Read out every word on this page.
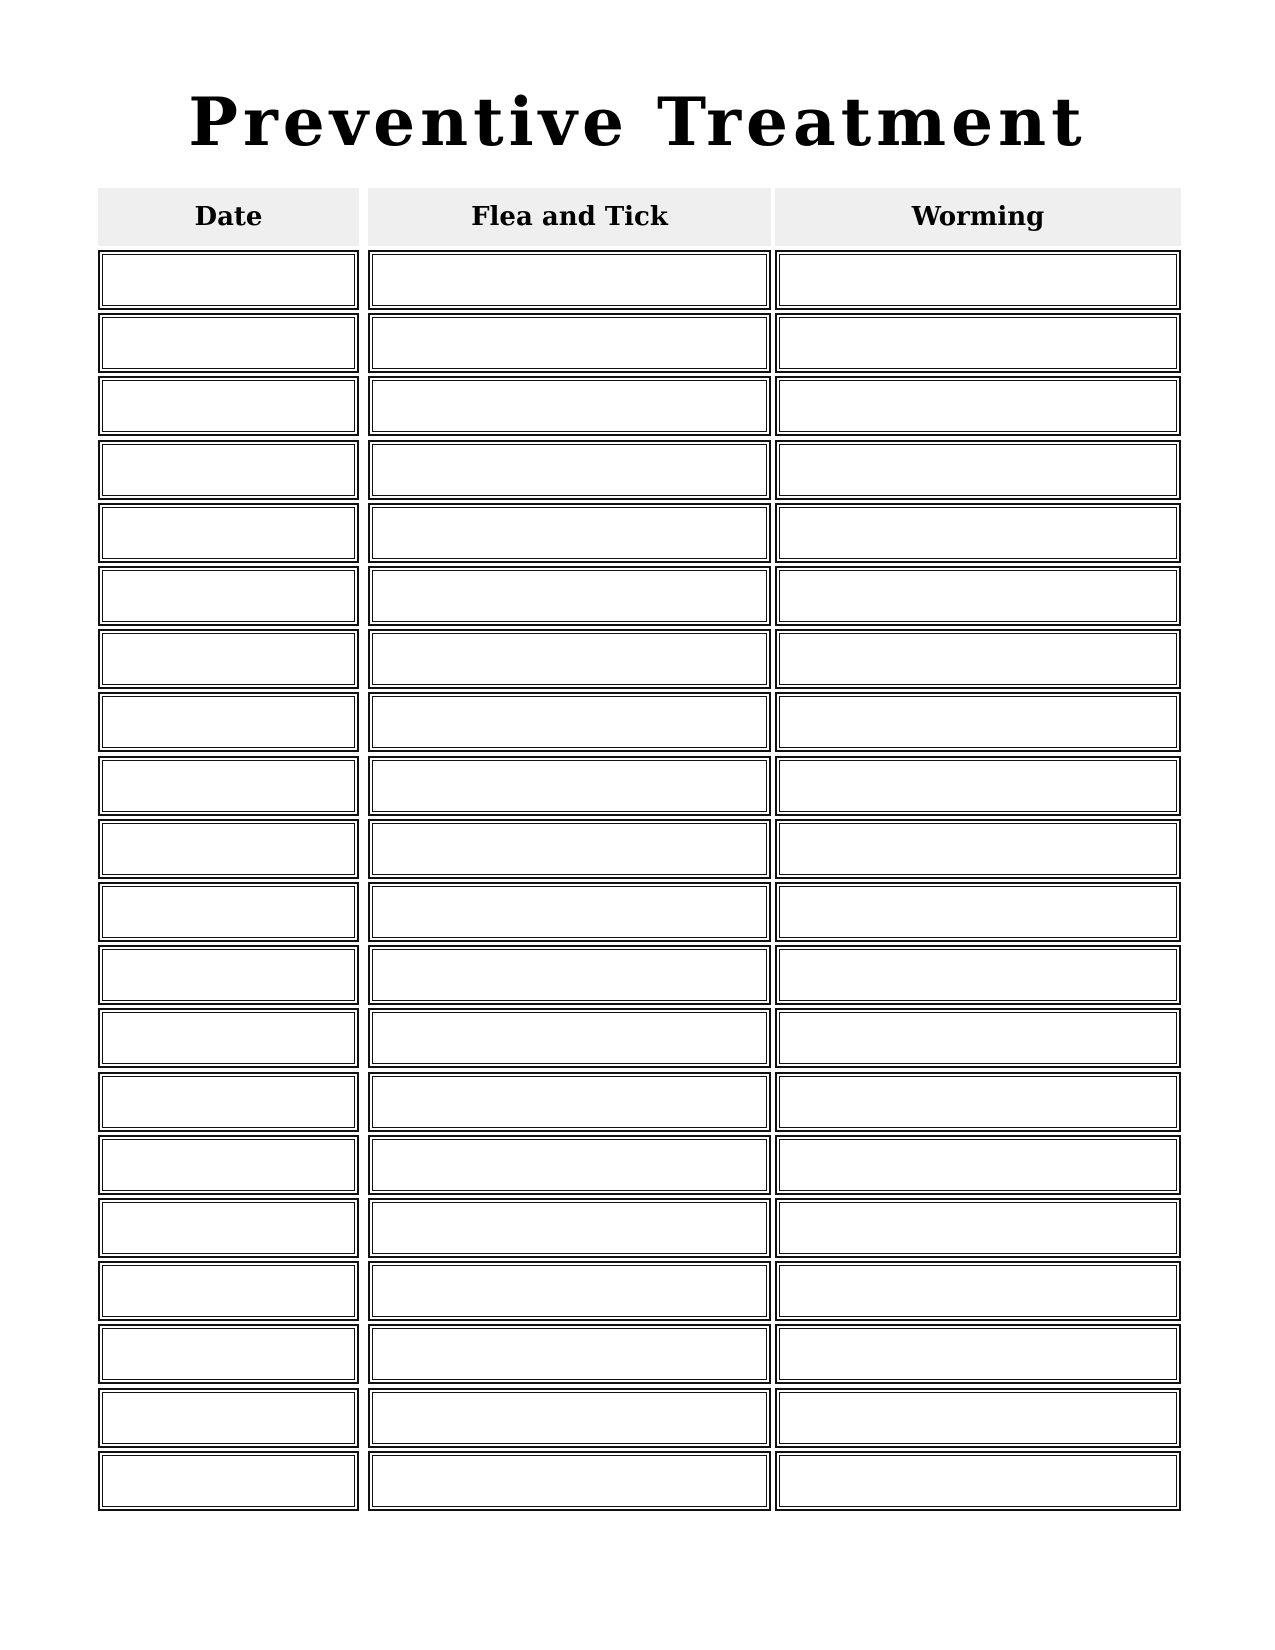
Preventive Treatment
Date	Flea and Tick	Worming
